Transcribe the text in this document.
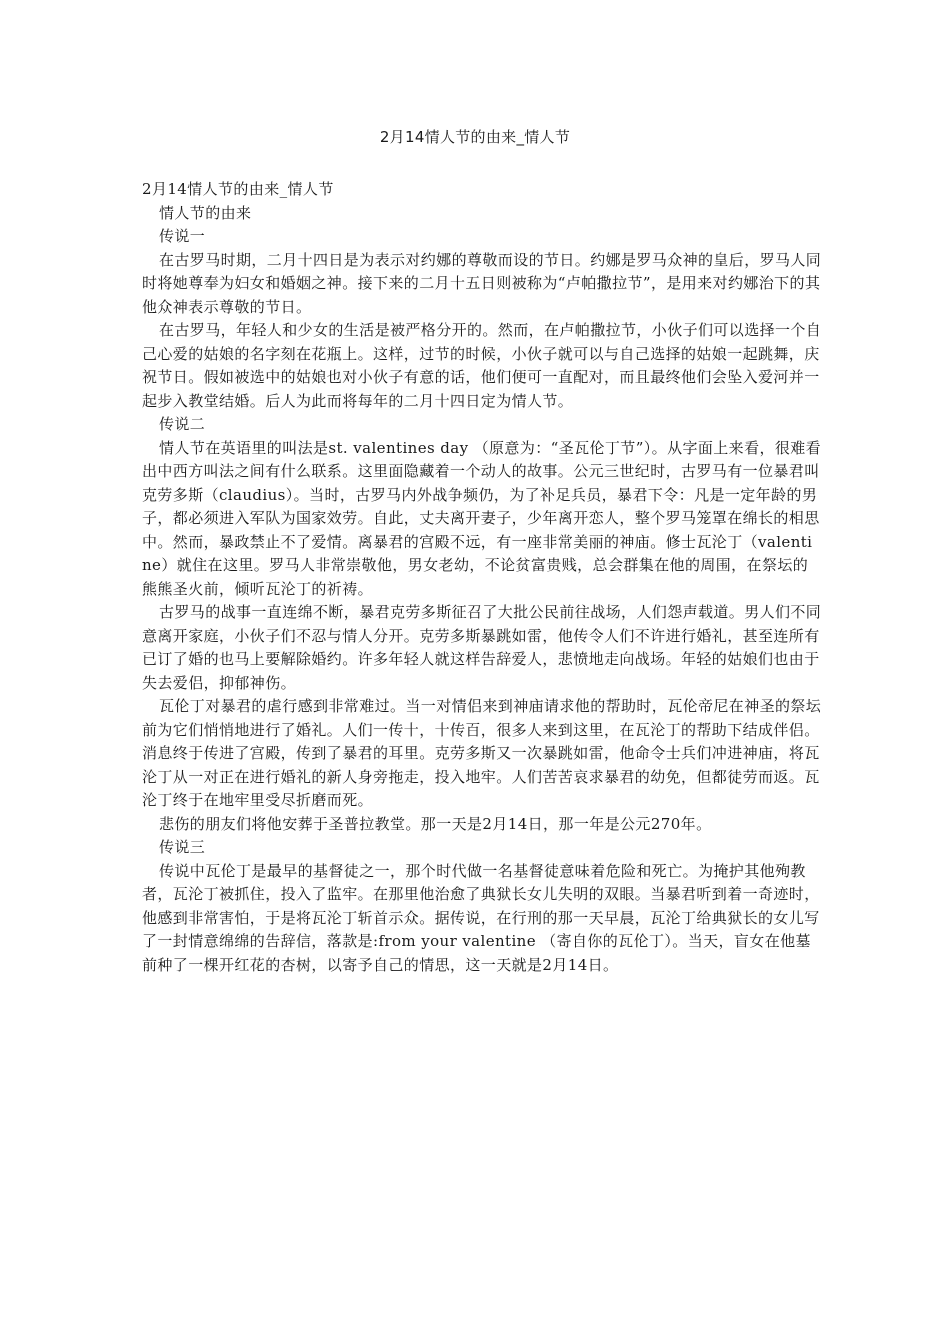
2月14情人节的由来_情人节

2月14情人节的由来_情人节

情人节的由来

传说一

在古罗马时期，二月十四日是为表示对约娜的尊敬而设的节日。约娜是罗马众神的皇后，罗马人同时将她尊奉为妇女和婚姻之神。接下来的二月十五日则被称为“卢帕撒拉节”，是用来对约娜治下的其他众神表示尊敬的节日。

在古罗马，年轻人和少女的生活是被严格分开的。然而，在卢帕撒拉节，小伙子们可以选择一个自己心爱的姑娘的名字刻在花瓶上。这样，过节的时候，小伙子就可以与自己选择的姑娘一起跳舞，庆祝节日。假如被选中的姑娘也对小伙子有意的话，他们便可一直配对，而且最终他们会坠入爱河并一起步入教堂结婚。后人为此而将每年的二月十四日定为情人节。

传说二

情人节在英语里的叫法是st. valentines day （原意为：“圣瓦伦丁节”）。从字面上来看，很难看出中西方叫法之间有什么联系。这里面隐藏着一个动人的故事。公元三世纪时，古罗马有一位暴君叫克劳多斯（claudius）。当时，古罗马内外战争频仍，为了补足兵员，暴君下令：凡是一定年龄的男子，都必须进入军队为国家效劳。自此，丈夫离开妻子，少年离开恋人，整个罗马笼罩在绵长的相思中。然而，暴政禁止不了爱情。离暴君的宫殿不远，有一座非常美丽的神庙。修士瓦沦丁（valentine）就住在这里。罗马人非常崇敬他，男女老幼，不论贫富贵贱，总会群集在他的周围，在祭坛的熊熊圣火前，倾听瓦沦丁的祈祷。

古罗马的战事一直连绵不断，暴君克劳多斯征召了大批公民前往战场，人们怨声载道。男人们不同意离开家庭，小伙子们不忍与情人分开。克劳多斯暴跳如雷，他传令人们不许进行婚礼，甚至连所有已订了婚的也马上要解除婚约。许多年轻人就这样告辞爱人，悲愤地走向战场。年轻的姑娘们也由于失去爱侣，抑郁神伤。

瓦伦丁对暴君的虐行感到非常难过。当一对情侣来到神庙请求他的帮助时，瓦伦帝尼在神圣的祭坛前为它们悄悄地进行了婚礼。人们一传十，十传百，很多人来到这里，在瓦沦丁的帮助下结成伴侣。消息终于传进了宫殿，传到了暴君的耳里。克劳多斯又一次暴跳如雷，他命令士兵们冲进神庙，将瓦沦丁从一对正在进行婚礼的新人身旁拖走，投入地牢。人们苦苦哀求暴君的幼免，但都徒劳而返。瓦沦丁终于在地牢里受尽折磨而死。

悲伤的朋友们将他安葬于圣普拉教堂。那一天是2月14日，那一年是公元270年。

传说三

传说中瓦伦丁是最早的基督徒之一，那个时代做一名基督徒意味着危险和死亡。为掩护其他殉教者，瓦沦丁被抓住，投入了监牢。在那里他治愈了典狱长女儿失明的双眼。当暴君听到着一奇迹时，他感到非常害怕，于是将瓦沦丁斩首示众。据传说，在行刑的那一天早晨，瓦沦丁给典狱长的女儿写了一封情意绵绵的告辞信，落款是:from your valentine （寄自你的瓦伦丁）。当天，盲女在他墓前种了一棵开红花的杏树，以寄予自己的情思，这一天就是2月14日。
